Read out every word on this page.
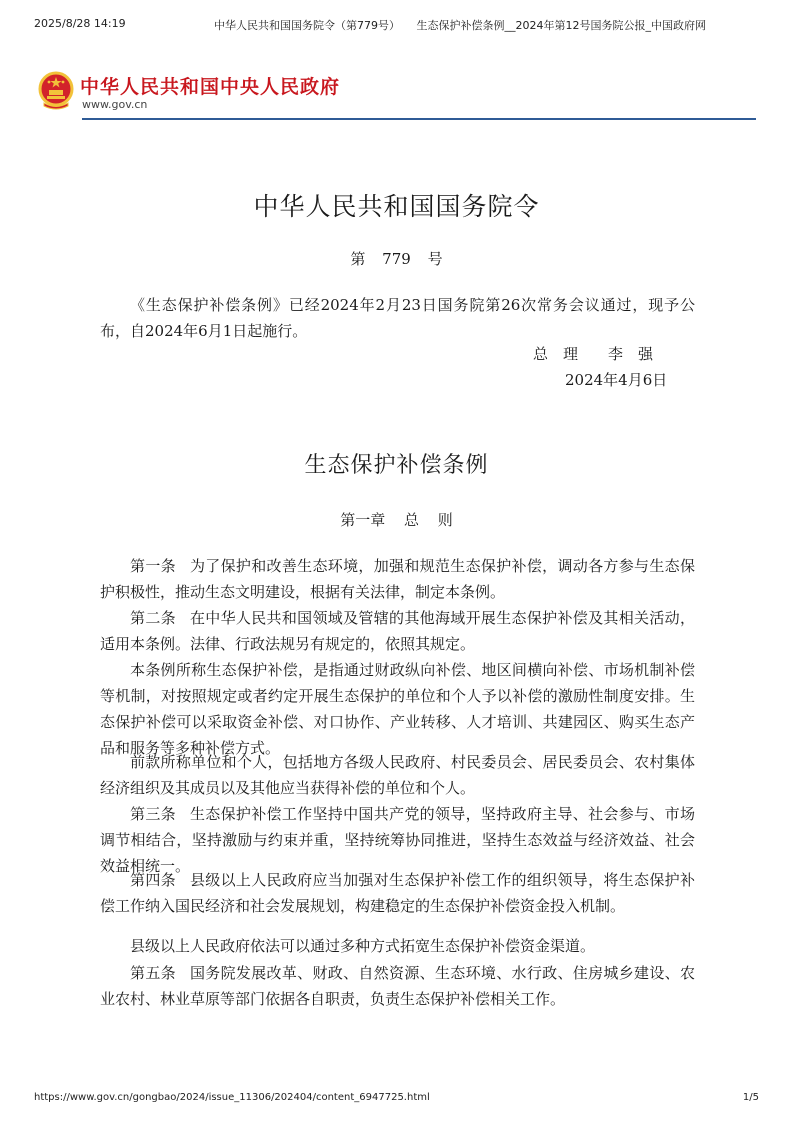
2025/8/28 14:19	中华人民共和国国务院令（第779号）　　生态保护补偿条例__2024年第12号国务院公报_中国政府网
中华人民共和国中央人民政府
www.gov.cn
中华人民共和国国务院令
第 779 号

《生态保护补偿条例》已经2024年2月23日国务院第26次常务会议通过，现予公布，自2024年6月1日起施行。

总　理　　李　强
2024年4月6日
生态保护补偿条例
第一章 总 则

第一条 为了保护和改善生态环境，加强和规范生态保护补偿，调动各方参与生态保护积极性，推动生态文明建设，根据有关法律，制定本条例。

第二条 在中华人民共和国领域及管辖的其他海域开展生态保护补偿及其相关活动，适用本条例。法律、行政法规另有规定的，依照其规定。

本条例所称生态保护补偿，是指通过财政纵向补偿、地区间横向补偿、市场机制补偿等机制，对按照规定或者约定开展生态保护的单位和个人予以补偿的激励性制度安排。生态保护补偿可以采取资金补偿、对口协作、产业转移、人才培训、共建园区、购买生态产品和服务等多种补偿方式。

前款所称单位和个人，包括地方各级人民政府、村民委员会、居民委员会、农村集体经济组织及其成员以及其他应当获得补偿的单位和个人。

第三条 生态保护补偿工作坚持中国共产党的领导，坚持政府主导、社会参与、市场调节相结合，坚持激励与约束并重，坚持统筹协同推进，坚持生态效益与经济效益、社会效益相统一。

第四条 县级以上人民政府应当加强对生态保护补偿工作的组织领导，将生态保护补偿工作纳入国民经济和社会发展规划，构建稳定的生态保护补偿资金投入机制。

县级以上人民政府依法可以通过多种方式拓宽生态保护补偿资金渠道。

第五条 国务院发展改革、财政、自然资源、生态环境、水行政、住房城乡建设、农业农村、林业草原等部门依据各自职责，负责生态保护补偿相关工作。

https://www.gov.cn/gongbao/2024/issue_11306/202404/content_6947725.html	1/5
